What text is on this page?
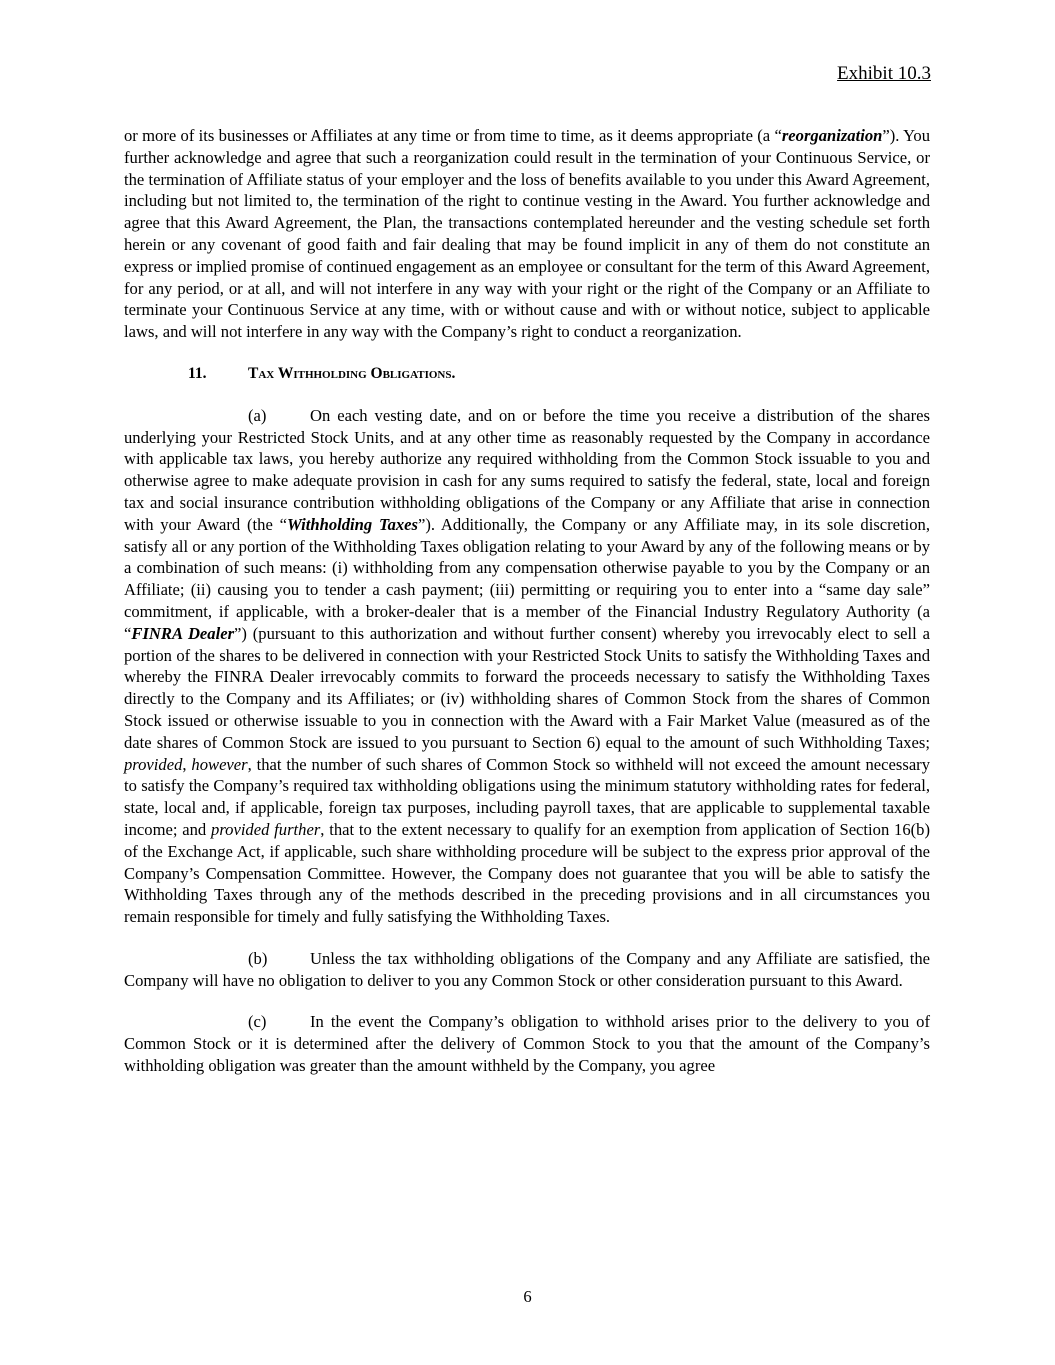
Exhibit 10.3

or more of its businesses or Affiliates at any time or from time to time, as it deems appropriate (a “reorganization”). You further acknowledge and agree that such a reorganization could result in the termination of your Continuous Service, or the termination of Affiliate status of your employer and the loss of benefits available to you under this Award Agreement, including but not limited to, the termination of the right to continue vesting in the Award. You further acknowledge and agree that this Award Agreement, the Plan, the transactions contemplated hereunder and the vesting schedule set forth herein or any covenant of good faith and fair dealing that may be found implicit in any of them do not constitute an express or implied promise of continued engagement as an employee or consultant for the term of this Award Agreement, for any period, or at all, and will not interfere in any way with your right or the right of the Company or an Affiliate to terminate your Continuous Service at any time, with or without cause and with or without notice, subject to applicable laws, and will not interfere in any way with the Company’s right to conduct a reorganization.

11.	Tax Withholding Obligations.

(a)	On each vesting date, and on or before the time you receive a distribution of the shares underlying your Restricted Stock Units, and at any other time as reasonably requested by the Company in accordance with applicable tax laws, you hereby authorize any required withholding from the Common Stock issuable to you and otherwise agree to make adequate provision in cash for any sums required to satisfy the federal, state, local and foreign tax and social insurance contribution withholding obligations of the Company or any Affiliate that arise in connection with your Award (the “Withholding Taxes”). Additionally, the Company or any Affiliate may, in its sole discretion, satisfy all or any portion of the Withholding Taxes obligation relating to your Award by any of the following means or by a combination of such means: (i) withholding from any compensation otherwise payable to you by the Company or an Affiliate; (ii) causing you to tender a cash payment; (iii) permitting or requiring you to enter into a “same day sale” commitment, if applicable, with a broker-dealer that is a member of the Financial Industry Regulatory Authority (a “FINRA Dealer”) (pursuant to this authorization and without further consent) whereby you irrevocably elect to sell a portion of the shares to be delivered in connection with your Restricted Stock Units to satisfy the Withholding Taxes and whereby the FINRA Dealer irrevocably commits to forward the proceeds necessary to satisfy the Withholding Taxes directly to the Company and its Affiliates; or (iv) withholding shares of Common Stock from the shares of Common Stock issued or otherwise issuable to you in connection with the Award with a Fair Market Value (measured as of the date shares of Common Stock are issued to you pursuant to Section 6) equal to the amount of such Withholding Taxes; provided, however, that the number of such shares of Common Stock so withheld will not exceed the amount necessary to satisfy the Company’s required tax withholding obligations using the minimum statutory withholding rates for federal, state, local and, if applicable, foreign tax purposes, including payroll taxes, that are applicable to supplemental taxable income; and provided further, that to the extent necessary to qualify for an exemption from application of Section 16(b) of the Exchange Act, if applicable, such share withholding procedure will be subject to the express prior approval of the Company’s Compensation Committee. However, the Company does not guarantee that you will be able to satisfy the Withholding Taxes through any of the methods described in the preceding provisions and in all circumstances you remain responsible for timely and fully satisfying the Withholding Taxes.

(b)	Unless the tax withholding obligations of the Company and any Affiliate are satisfied, the Company will have no obligation to deliver to you any Common Stock or other consideration pursuant to this Award.

(c)	In the event the Company’s obligation to withhold arises prior to the delivery to you of Common Stock or it is determined after the delivery of Common Stock to you that the amount of the Company’s withholding obligation was greater than the amount withheld by the Company, you agree

6
